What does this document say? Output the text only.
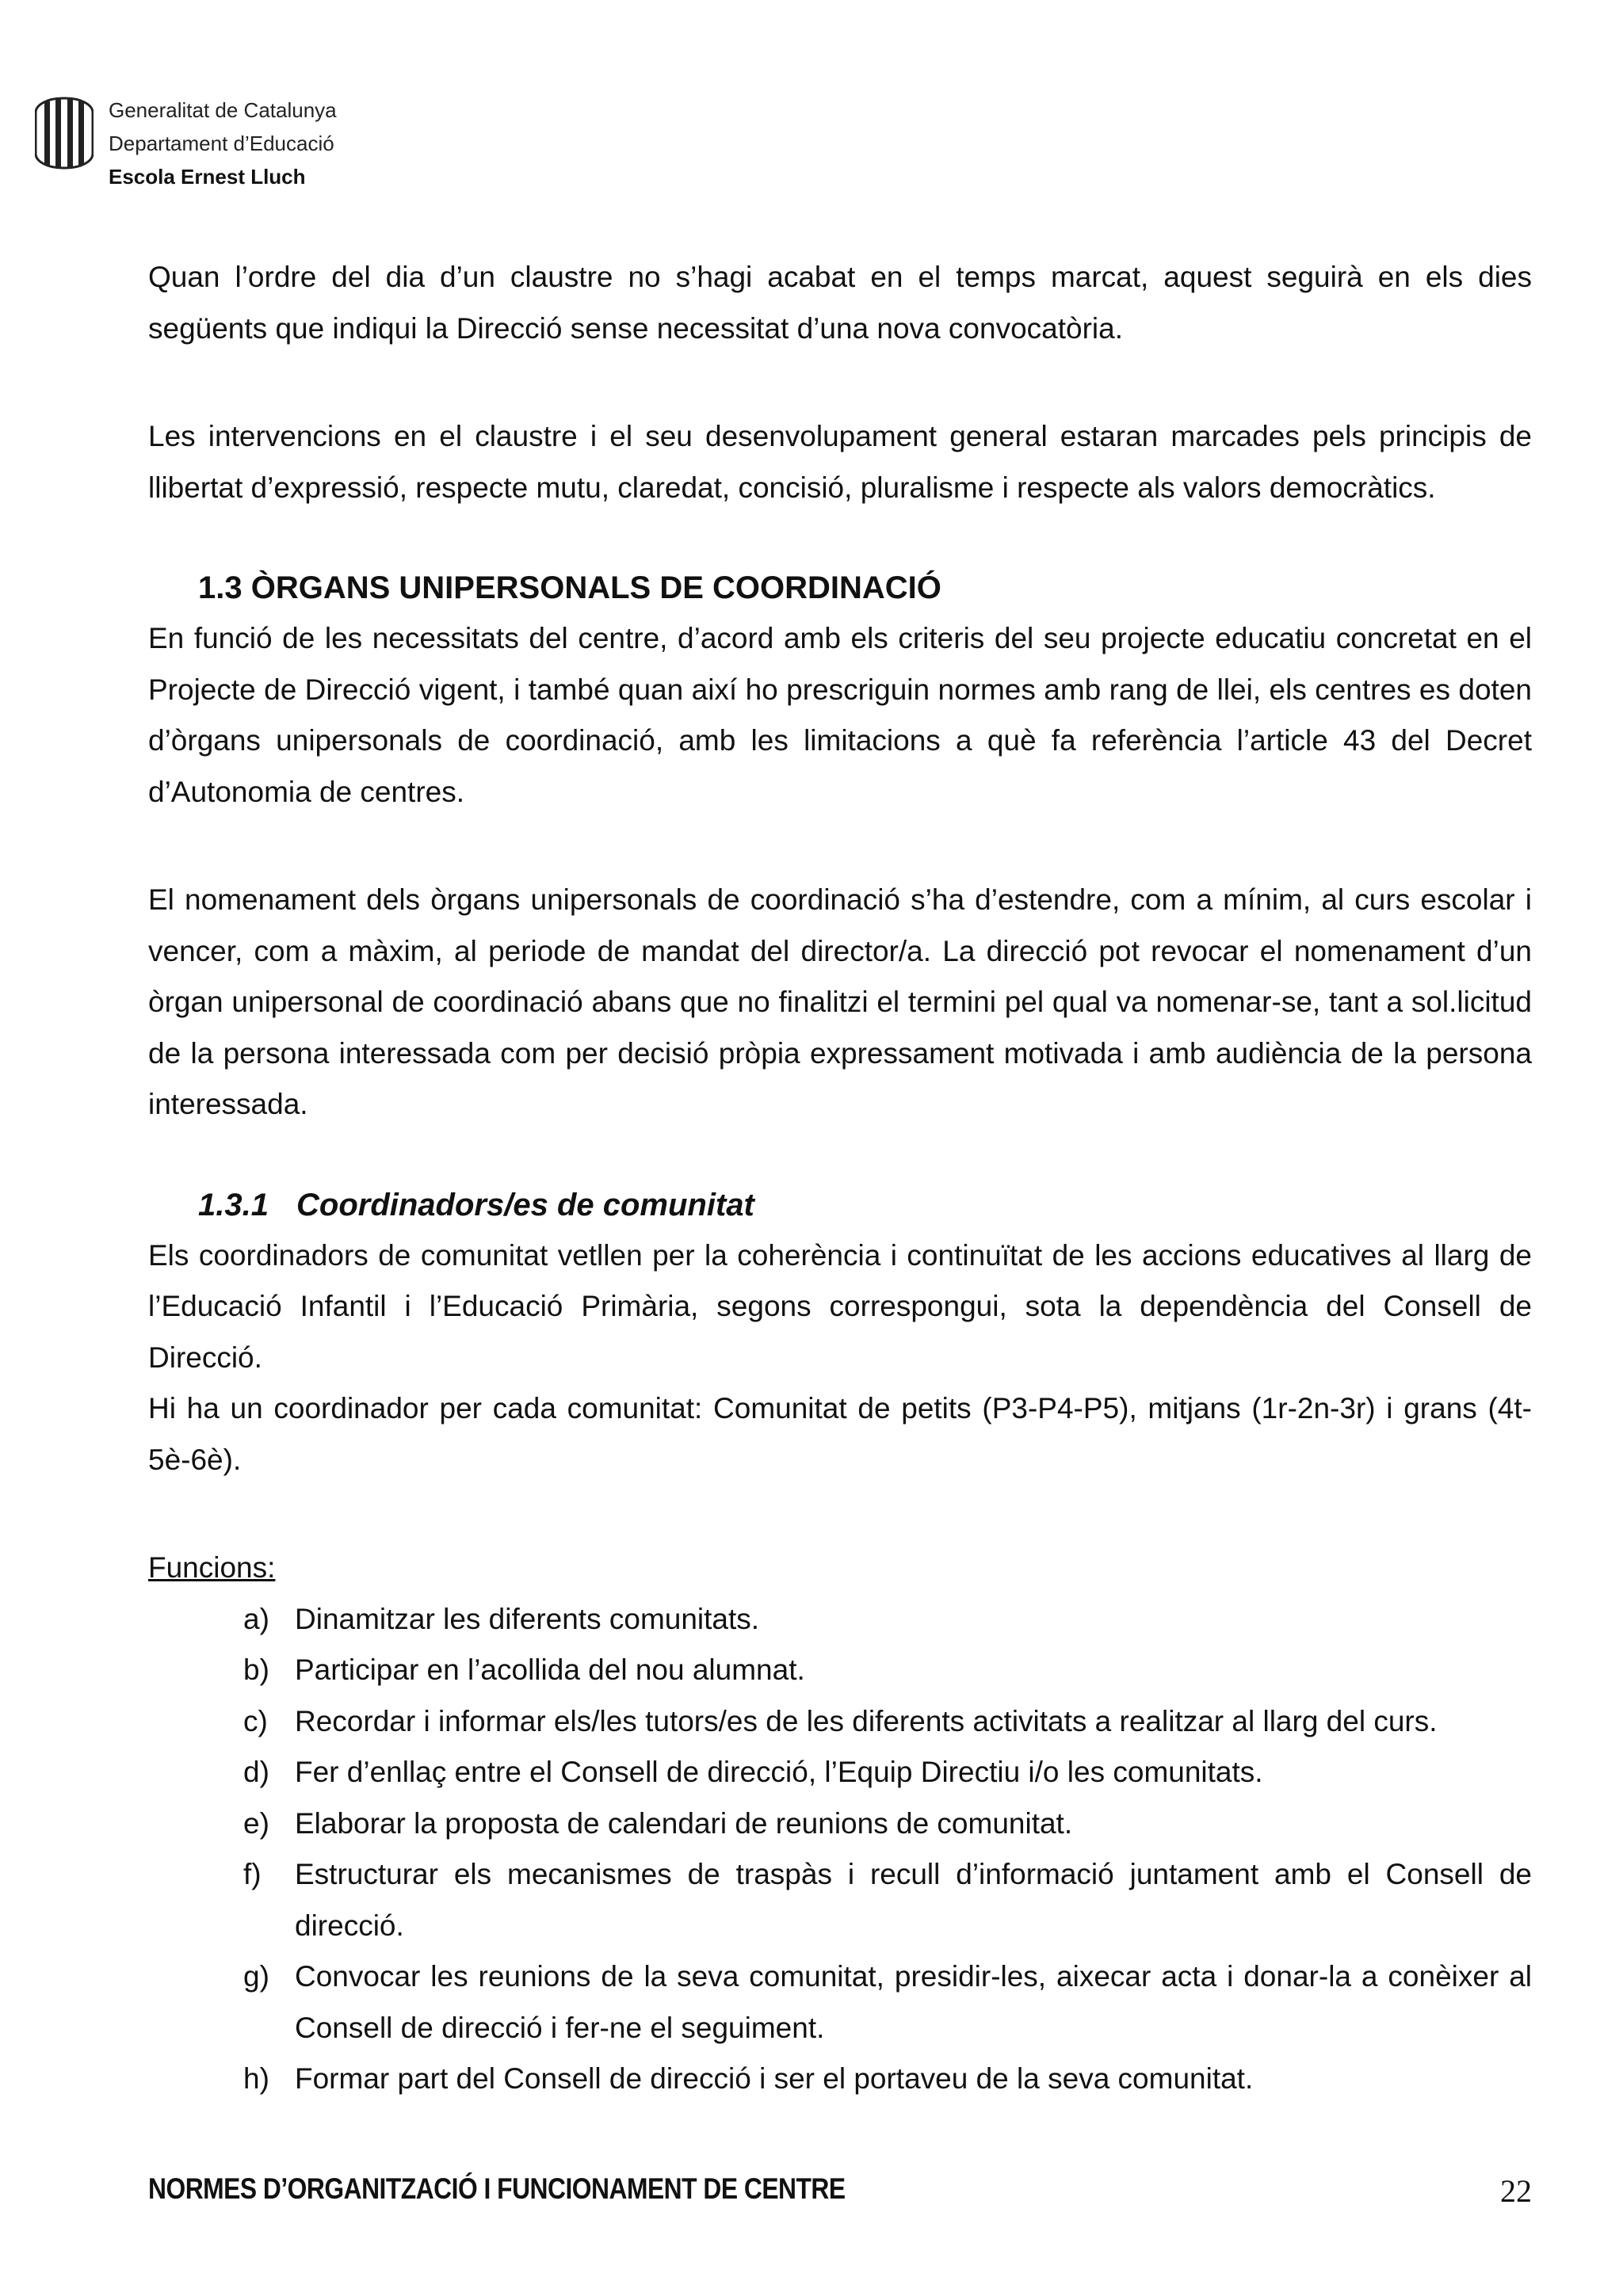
Generalitat de Catalunya
Departament d’Educació
Escola Ernest Lluch

Quan l’ordre del dia d’un claustre no s’hagi acabat en el temps marcat, aquest seguirà en els dies següents que indiqui la Direcció sense necessitat d’una nova convocatòria.

Les intervencions en el claustre i el seu desenvolupament general estaran marcades pels principis de llibertat d’expressió, respecte mutu, claredat, concisió, pluralisme i respecte als valors democràtics.

1.3 ÒRGANS UNIPERSONALS DE COORDINACIÓ

En funció de les necessitats del centre, d’acord amb els criteris del seu projecte educatiu concretat en el Projecte de Direcció vigent, i també quan així ho prescriguin normes amb rang de llei, els centres es doten d’òrgans unipersonals de coordinació, amb les limitacions a què fa referència l’article 43 del Decret d’Autonomia de centres.

El nomenament dels òrgans unipersonals de coordinació s’ha d’estendre, com a mínim, al curs escolar i vencer, com a màxim, al periode de mandat del director/a. La direcció pot revocar el nomenament d’un òrgan unipersonal de coordinació abans que no finalitzi el termini pel qual va nomenar-se, tant a sol.licitud de la persona interessada com per decisió pròpia expressament motivada i amb audiència de la persona interessada.

1.3.1 Coordinadors/es de comunitat

Els coordinadors de comunitat vetllen per la coherència i continuïtat de les accions educatives al llarg de l’Educació Infantil i l’Educació Primària, segons correspongui, sota la dependència del Consell de Direcció.

Hi ha un coordinador per cada comunitat: Comunitat de petits (P3-P4-P5), mitjans (1r-2n-3r) i grans (4t-5è-6è).

Funcions:

a) Dinamitzar les diferents comunitats.
b) Participar en l’acollida del nou alumnat.
c) Recordar i informar els/les tutors/es de les diferents activitats a realitzar al llarg del curs.
d) Fer d’enllaç entre el Consell de direcció, l’Equip Directiu i/o les comunitats.
e) Elaborar la proposta de calendari de reunions de comunitat.
f) Estructurar els mecanismes de traspàs i recull d’informació juntament amb el Consell de direcció.
g) Convocar les reunions de la seva comunitat, presidir-les, aixecar acta i donar-la a conèixer al Consell de direcció i fer-ne el seguiment.
h) Formar part del Consell de direcció i ser el portaveu de la seva comunitat.
NORMES D’ORGANITZACIÓ I FUNCIONAMENT DE CENTRE	22
